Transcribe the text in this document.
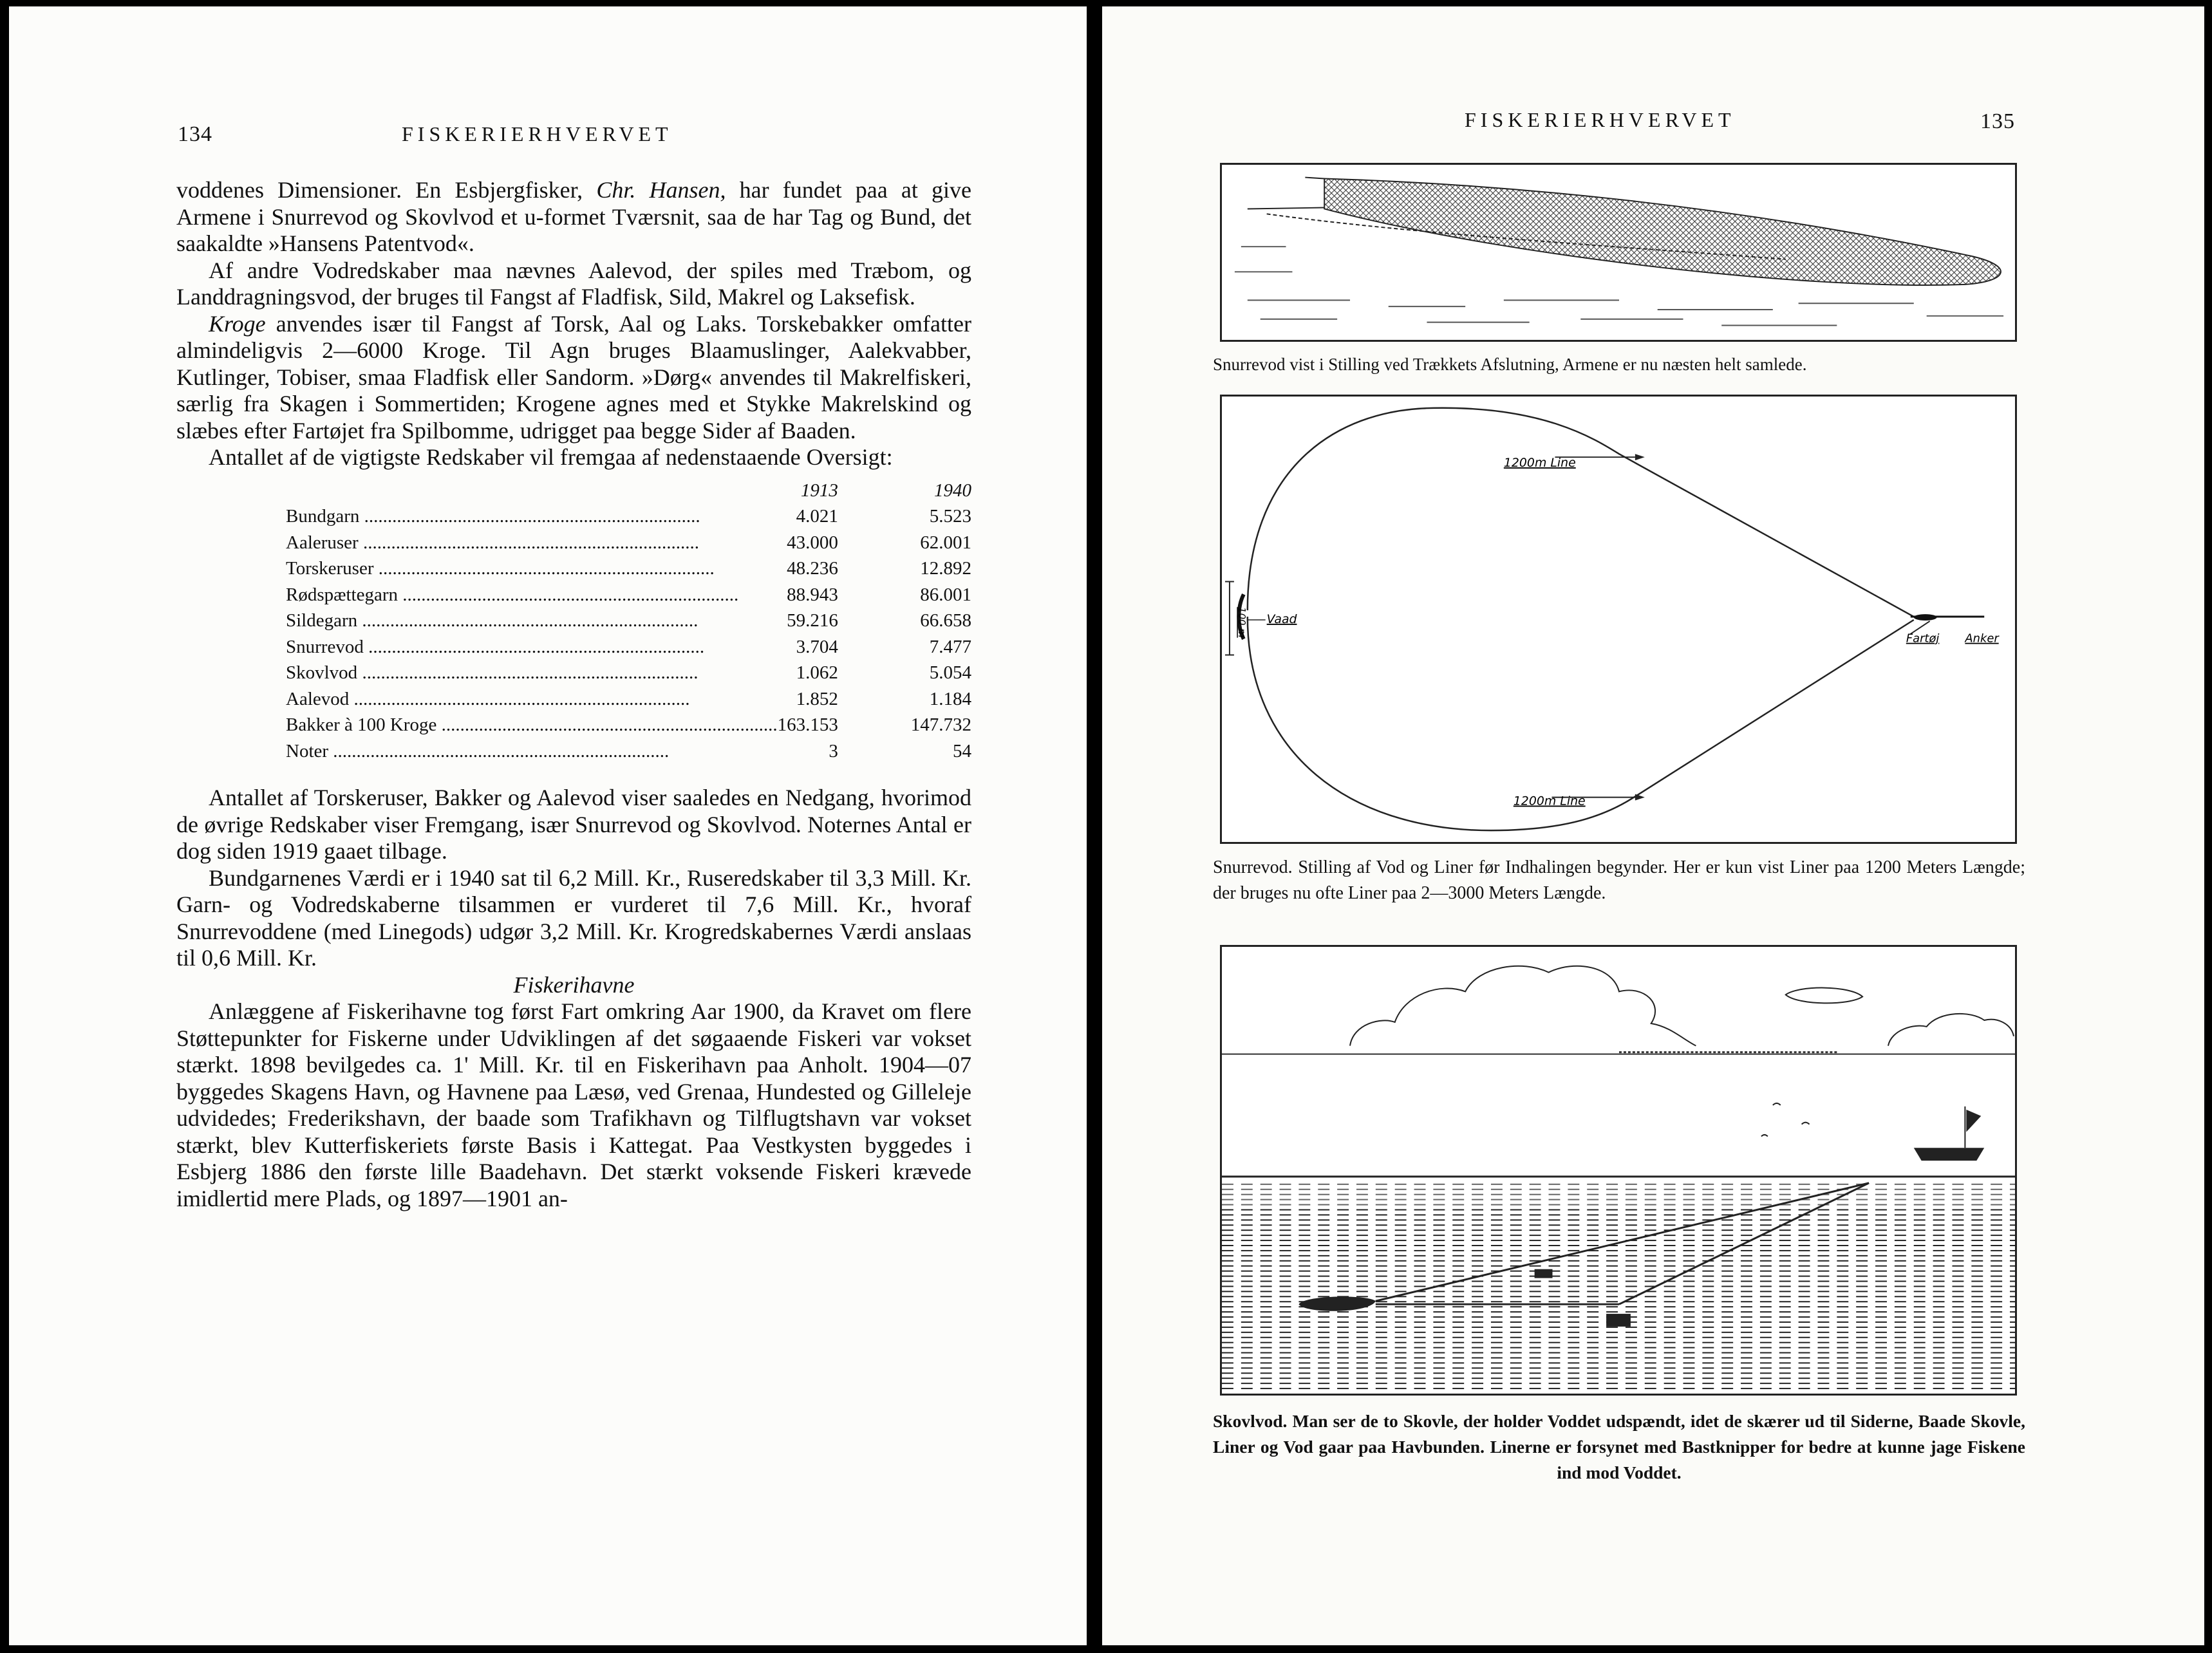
134	FISKERIERHVERVET

voddenes Dimensioner. En Esbjergfisker, Chr. Hansen, har fundet paa at give Armene i Snurrevod og Skovlvod et u-formet Tværsnit, saa de har Tag og Bund, det saakaldte »Hansens Patentvod«.

Af andre Vodredskaber maa nævnes Aalevod, der spiles med Træbom, og Landdragningsvod, der bruges til Fangst af Fladfisk, Sild, Makrel og Laksefisk.

Kroge anvendes især til Fangst af Torsk, Aal og Laks. Torskebakker omfatter almindeligvis 2—6000 Kroge. Til Agn bruges Blaamuslinger, Aalekvabber, Kutlinger, Tobiser, smaa Fladfisk eller Sandorm. »Dørg« anvendes til Makrelfiskeri, særlig fra Skagen i Sommertiden; Krogene agnes med et Stykke Makrelskind og slæbes efter Fartøjet fra Spilbomme, udrigget paa begge Sider af Baaden.

Antallet af de vigtigste Redskaber vil fremgaa af nedenstaaende Oversigt:

	1913	1940
Bundgarn .....	4.021	5.523
Aaleruser .....	43.000	62.001
Torskeruser .....	48.236	12.892
Rødspættegarn .....	88.943	86.001
Sildegarn .....	59.216	66.658
Snurrevod .....	3.704	7.477
Skovlvod .....	1.062	5.054
Aalevod .....	1.852	1.184
Bakker à 100 Kroge .....	163.153	147.732
Noter .....	3	54

Antallet af Torskeruser, Bakker og Aalevod viser saaledes en Nedgang, hvorimod de øvrige Redskaber viser Fremgang, især Snurrevod og Skovlvod. Noternes Antal er dog siden 1919 gaaet tilbage.

Bundgarnenes Værdi er i 1940 sat til 6,2 Mill. Kr., Ruseredskaber til 3,3 Mill. Kr. Garn- og Vodredskaberne tilsammen er vurderet til 7,6 Mill. Kr., hvoraf Snurrevoddene (med Linegods) udgør 3,2 Mill. Kr. Krogredskabernes Værdi anslaas til 0,6 Mill. Kr.

Fiskerihavne

Anlæggene af Fiskerihavne tog først Fart omkring Aar 1900, da Kravet om flere Støttepunkter for Fiskerne under Udviklingen af det søgaaende Fiskeri var vokset stærkt. 1898 bevilgedes ca. 1' Mill. Kr. til en Fiskerihavn paa Anholt. 1904—07 byggedes Skagens Havn, og Havnene paa Læsø, ved Grenaa, Hundested og Gilleleje udvidedes; Frederikshavn, der baade som Trafikhavn og Tilflugtshavn var vokset stærkt, blev Kutterfiskeriets første Basis i Kattegat. Paa Vestkysten byggedes i Esbjerg 1886 den første lille Baadehavn. Det stærkt voksende Fiskeri krævede imidlertid mere Plads, og 1897—1901 an-

FISKERIERHVERVET	135
Snurrevod vist i Stilling ved Trækkets Afslutning, Armene er nu næsten helt samlede.
1200m Line
1200m Line
Vaad
100 m
Fartøj Anker
Snurrevod. Stilling af Vod og Liner før Indhalingen begynder. Her er kun vist Liner paa 1200 Meters Længde; der bruges nu ofte Liner paa 2—3000 Meters Længde.
Skovlvod. Man ser de to Skovle, der holder Voddet udspændt, idet de skærer ud til Siderne, Baade Skovle, Liner og Vod gaar paa Havbunden. Linerne er forsynet med Bastknipper for bedre at kunne jage Fiskene ind mod Voddet.
